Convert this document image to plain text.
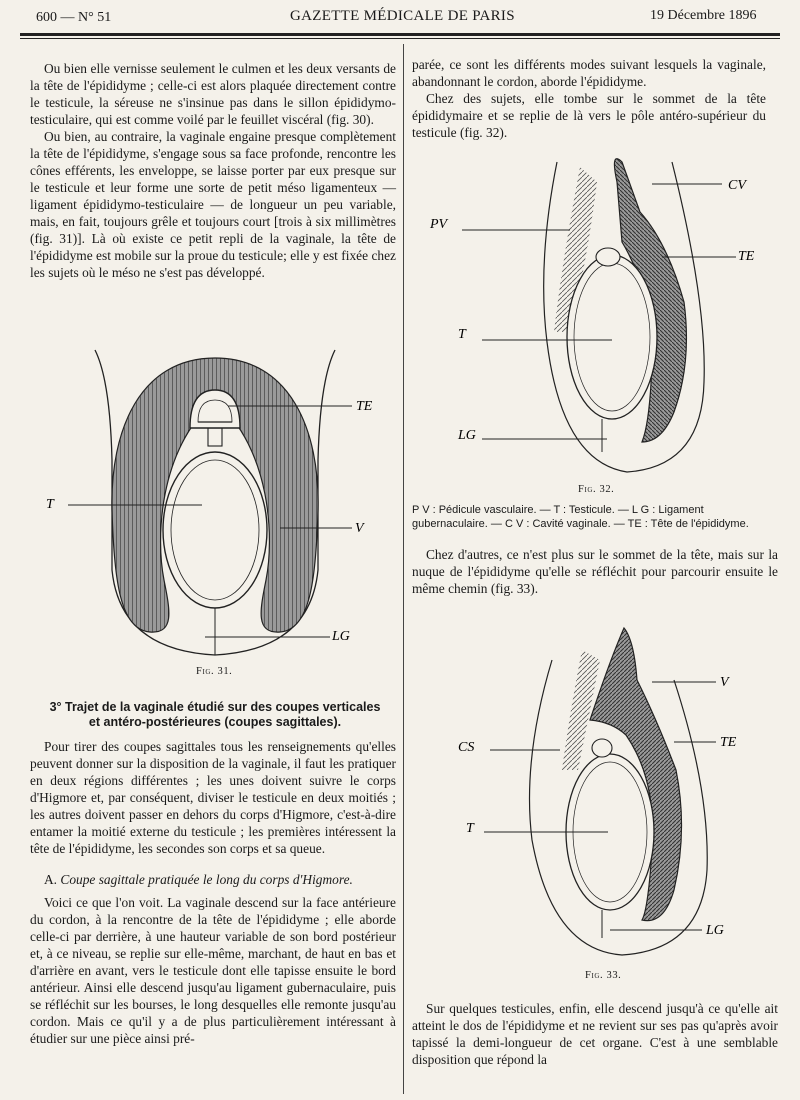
600 — N° 51	GAZETTE MÉDICALE DE PARIS	19 Décembre 1896

Ou bien elle vernisse seulement le culmen et les deux versants de la tête de l'épididyme ; celle-ci est alors plaquée directement contre le testicule, la séreuse ne s'insinue pas dans le sillon épididymo-testiculaire, qui est comme voilé par le feuillet viscéral (fig. 30).

Ou bien, au contraire, la vaginale engaine presque complètement la tête de l'épididyme, s'engage sous sa face profonde, rencontre les cônes efférents, les enveloppe, se laisse porter par eux presque sur le testicule et leur forme une sorte de petit méso ligamenteux — ligament épididymo-testiculaire — de longueur un peu variable, mais, en fait, toujours grêle et toujours court [trois à six millimètres (fig. 31)]. Là où existe ce petit repli de la vaginale, la tête de l'épididyme est mobile sur la proue du testicule; elle y est fixée chez les sujets où le méso ne s'est pas développé.

TE
T
V
LG
Fig. 31.
3° Trajet de la vaginale étudié sur des coupes verticales
et antéro-postérieures (coupes sagittales).

Pour tirer des coupes sagittales tous les renseignements qu'elles peuvent donner sur la disposition de la vaginale, il faut les pratiquer en deux régions différentes ; les unes doivent suivre le corps d'Higmore et, par conséquent, diviser le testicule en deux moitiés ; les autres doivent passer en dehors du corps d'Higmore, c'est-à-dire entamer la moitié externe du testicule ; les premières intéressent la tête de l'épididyme, les secondes son corps et sa queue.

A. Coupe sagittale pratiquée le long du corps d'Higmore.

Voici ce que l'on voit. La vaginale descend sur la face antérieure du cordon, à la rencontre de la tête de l'épididyme ; elle aborde celle-ci par derrière, à une hauteur variable de son bord postérieur et, à ce niveau, se replie sur elle-même, marchant, de haut en bas et d'arrière en avant, vers le testicule dont elle tapisse ensuite le bord antérieur. Ainsi elle descend jusqu'au ligament gubernaculaire, puis se réfléchit sur les bourses, le long desquelles elle remonte jusqu'au cordon. Mais ce qu'il y a de plus particulièrement intéressant à étudier sur une pièce ainsi pré-

parée, ce sont les différents modes suivant lesquels la vaginale, abandonnant le cordon, aborde l'épididyme.

Chez des sujets, elle tombe sur le sommet de la tête épididymaire et se replie de là vers le pôle antéro-supérieur du testicule (fig. 32).

CV
PV
TE
T
LG
Fig. 32.
P V : Pédicule vasculaire. — T : Testicule. — L G : Ligament gubernaculaire. — C V : Cavité vaginale. — TE : Tête de l'épididyme.

Chez d'autres, ce n'est plus sur le sommet de la tête, mais sur la nuque de l'épididyme qu'elle se réfléchit pour parcourir ensuite le même chemin (fig. 33).

V
CS	TE
T
LG
Fig. 33.

Sur quelques testicules, enfin, elle descend jusqu'à ce qu'elle ait atteint le dos de l'épididyme et ne revient sur ses pas qu'après avoir tapissé la demi-longueur de cet organe. C'est à une semblable disposition que répond la
